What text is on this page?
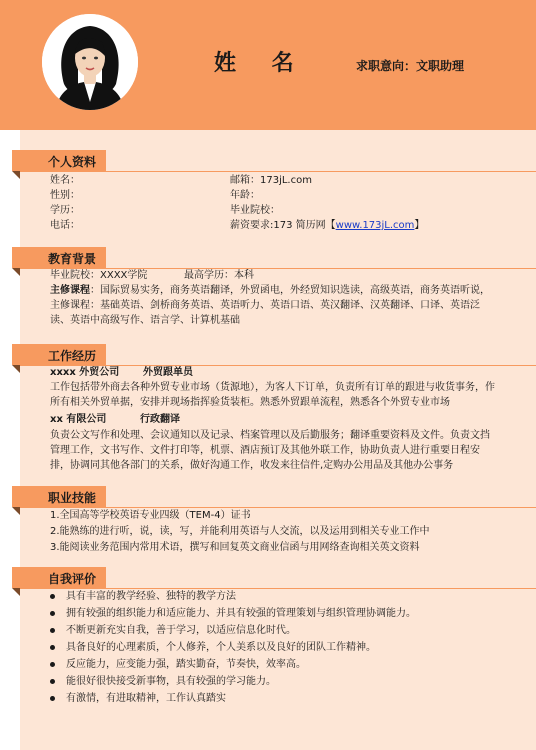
姓 名	求职意向：文职助理
个人资料
姓名：	邮箱：173jL.com
性别：	年龄：
学历：	毕业院校：
电话：	薪资要求:173 简历网【www.173jL.com】
教育背景
毕业院校：XXXX学院	最高学历：本科
主修课程：国际贸易实务，商务英语翻译，外贸函电，外经贸知识选读，高级英语，商务英语听说，主修课程：基础英语、剑桥商务英语、英语听力、英语口语、英汉翻译、汉英翻译、口译、英语泛读、英语中高级写作、语言学、计算机基础
工作经历
xxxx 外贸公司 外贸跟单员
工作包括带外商去各种外贸专业市场（货源地），为客人下订单，负责所有订单的跟进与收货事务，作所有相关外贸单据，安排并现场指挥验货装柜。熟悉外贸跟单流程，熟悉各个外贸专业市场
xx 有限公司	行政翻译
负责公文写作和处理、会议通知以及记录、档案管理以及后勤服务；翻译重要资料及文件。负责文挡管理工作，文书写作、文件打印等，机票、酒店预订及其他外联工作，协助负责人进行重要日程安排，协调同其他各部门的关系，做好沟通工作，收发来往信件,定购办公用品及其他办公事务
职业技能
1.全国高等学校英语专业四级（TEM-4）证书
2.能熟练的进行听，说，读，写，并能利用英语与人交流，以及运用到相关专业工作中
3.能阅读业务范围内常用术语，撰写和回复英文商业信函与用网络查询相关英文资料
自我评价
具有丰富的教学经验、独特的教学方法
拥有较强的组织能力和适应能力、并具有较强的管理策划与组织管理协调能力。
不断更新充实自我，善于学习，以适应信息化时代。
具备良好的心理素质，个人修养，个人美系以及良好的团队工作精神。
反应能力，应变能力强，踏实勤奋，节奏快，效率高。
能很好很快接受新事物，具有较强的学习能力。
有激情，有进取精神，工作认真踏实
